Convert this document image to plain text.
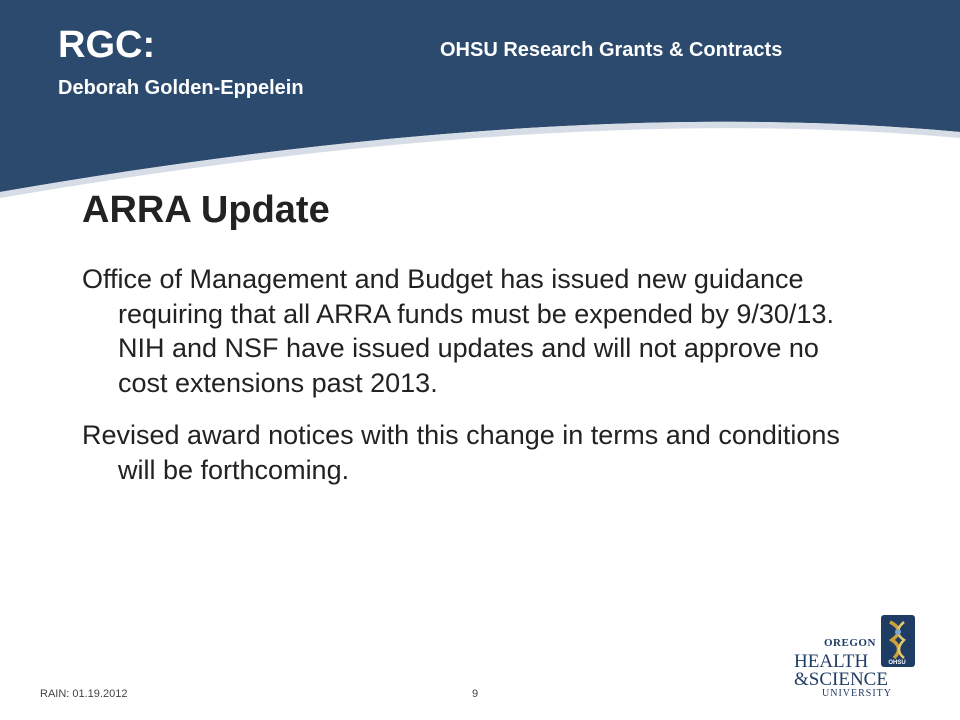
RGC:	OHSU Research Grants & Contracts
Deborah Golden-Eppelein
ARRA Update

Office of Management and Budget has issued new guidance requiring that all ARRA funds must be expended by 9/30/13. NIH and NSF have issued updates and will not approve no cost extensions past 2013.

Revised award notices with this change in terms and conditions will be forthcoming.

RAIN: 01.19.2012	9
OHSU
OREGON
HEALTH
&SCIENCE
UNIVERSITY
